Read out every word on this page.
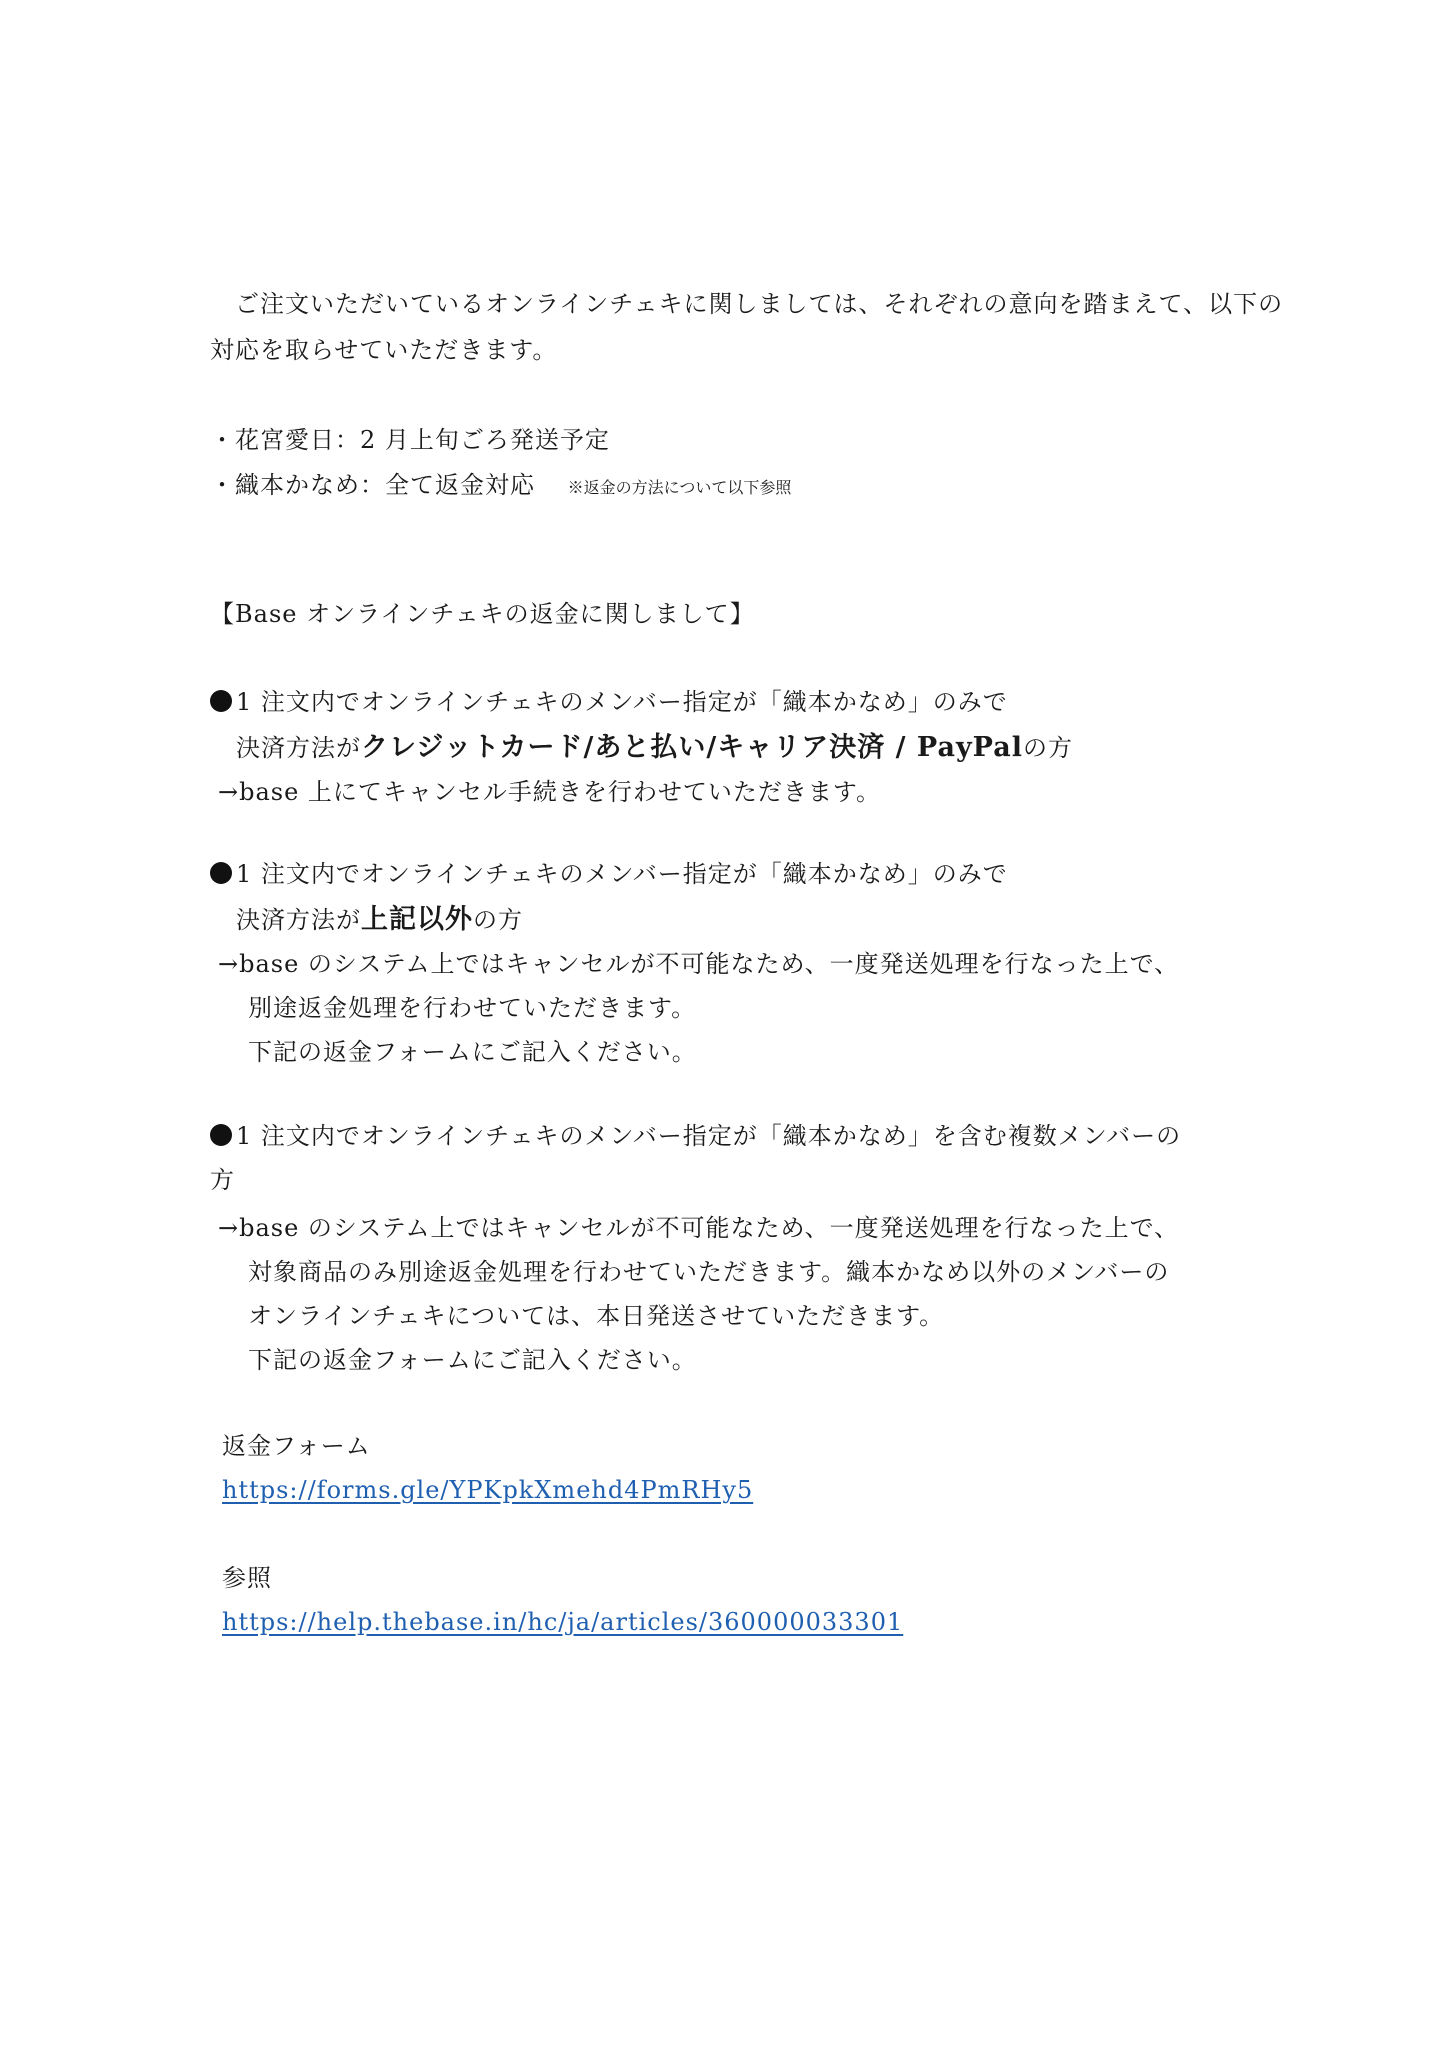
　ご注文いただいているオンラインチェキに関しましては、それぞれの意向を踏まえて、以下の
対応を取らせていただきます。
・花宮愛日：2 月上旬ごろ発送予定
・織本かなめ：全て返金対応 ※返金の方法について以下参照
【Base オンラインチェキの返金に関しまして】
1 注文内でオンラインチェキのメンバー指定が「織本かなめ」のみで
決済方法がクレジットカード/あと払い/キャリア決済 / PayPalの方
→base 上にてキャンセル手続きを行わせていただきます。
1 注文内でオンラインチェキのメンバー指定が「織本かなめ」のみで
決済方法が上記以外の方
→base のシステム上ではキャンセルが不可能なため、一度発送処理を行なった上で、
別途返金処理を行わせていただきます。
下記の返金フォームにご記入ください。
1 注文内でオンラインチェキのメンバー指定が「織本かなめ」を含む複数メンバーの
方
→base のシステム上ではキャンセルが不可能なため、一度発送処理を行なった上で、
対象商品のみ別途返金処理を行わせていただきます。織本かなめ以外のメンバーの
オンラインチェキについては、本日発送させていただきます。
下記の返金フォームにご記入ください。
返金フォーム
https://forms.gle/YPKpkXmehd4PmRHy5
参照
https://help.thebase.in/hc/ja/articles/360000033301
